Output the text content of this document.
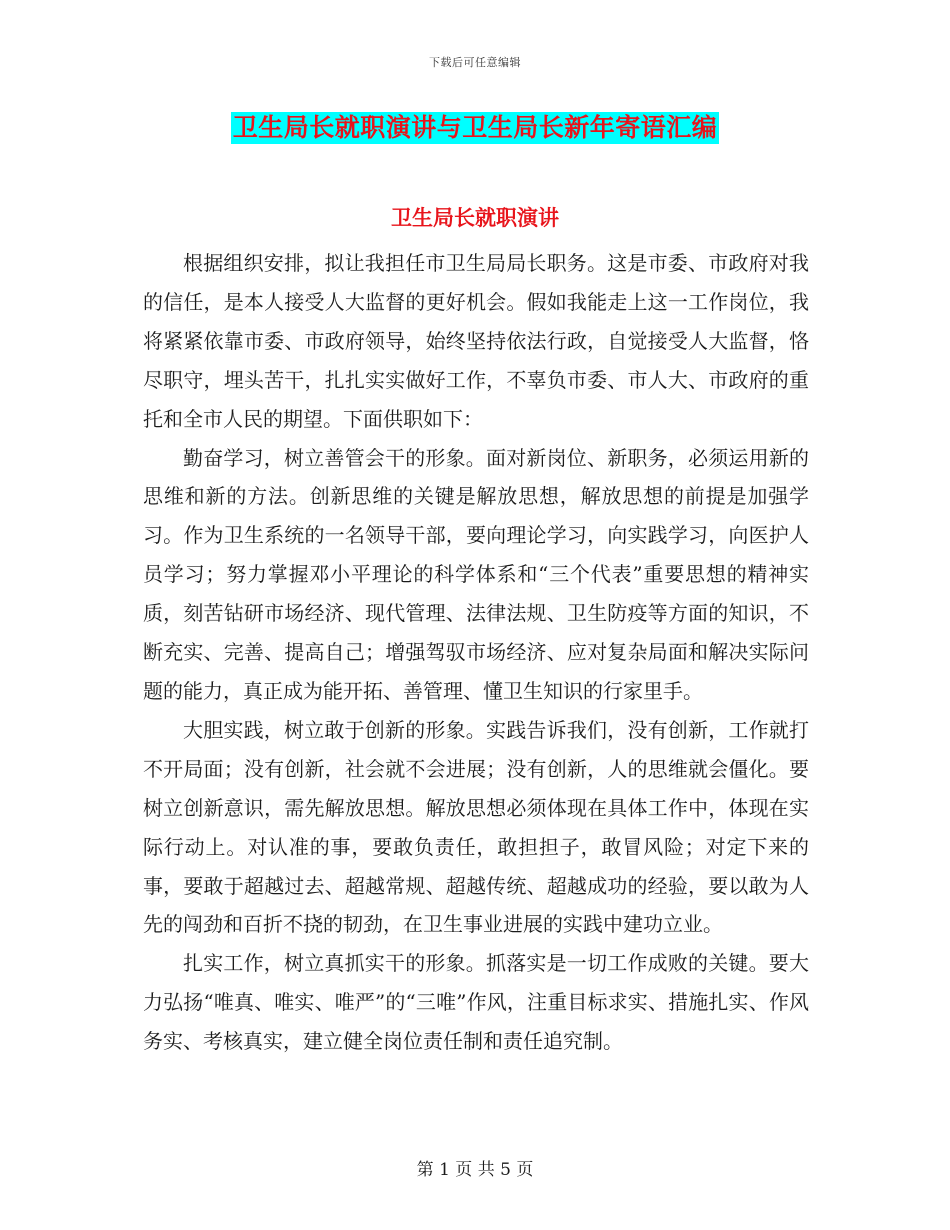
下载后可任意编辑
卫生局长就职演讲与卫生局长新年寄语汇编
卫生局长就职演讲

根据组织安排，拟让我担任市卫生局局长职务。这是市委、市政府对我的信任，是本人接受人大监督的更好机会。假如我能走上这一工作岗位，我将紧紧依靠市委、市政府领导，始终坚持依法行政，自觉接受人大监督，恪尽职守，埋头苦干，扎扎实实做好工作，不辜负市委、市人大、市政府的重托和全市人民的期望。下面供职如下：

勤奋学习，树立善管会干的形象。面对新岗位、新职务，必须运用新的思维和新的方法。创新思维的关键是解放思想，解放思想的前提是加强学习。作为卫生系统的一名领导干部，要向理论学习，向实践学习，向医护人员学习；努力掌握邓小平理论的科学体系和“三个代表”重要思想的精神实质，刻苦钻研市场经济、现代管理、法律法规、卫生防疫等方面的知识，不断充实、完善、提高自己；增强驾驭市场经济、应对复杂局面和解决实际问题的能力，真正成为能开拓、善管理、懂卫生知识的行家里手。

大胆实践，树立敢于创新的形象。实践告诉我们，没有创新，工作就打不开局面；没有创新，社会就不会进展；没有创新，人的思维就会僵化。要树立创新意识，需先解放思想。解放思想必须体现在具体工作中，体现在实际行动上。对认准的事，要敢负责任，敢担担子，敢冒风险；对定下来的事，要敢于超越过去、超越常规、超越传统、超越成功的经验，要以敢为人先的闯劲和百折不挠的韧劲，在卫生事业进展的实践中建功立业。

扎实工作，树立真抓实干的形象。抓落实是一切工作成败的关键。要大力弘扬“唯真、唯实、唯严”的“三唯”作风，注重目标求实、措施扎实、作风务实、考核真实，建立健全岗位责任制和责任追究制。

第 1 页 共 5 页
